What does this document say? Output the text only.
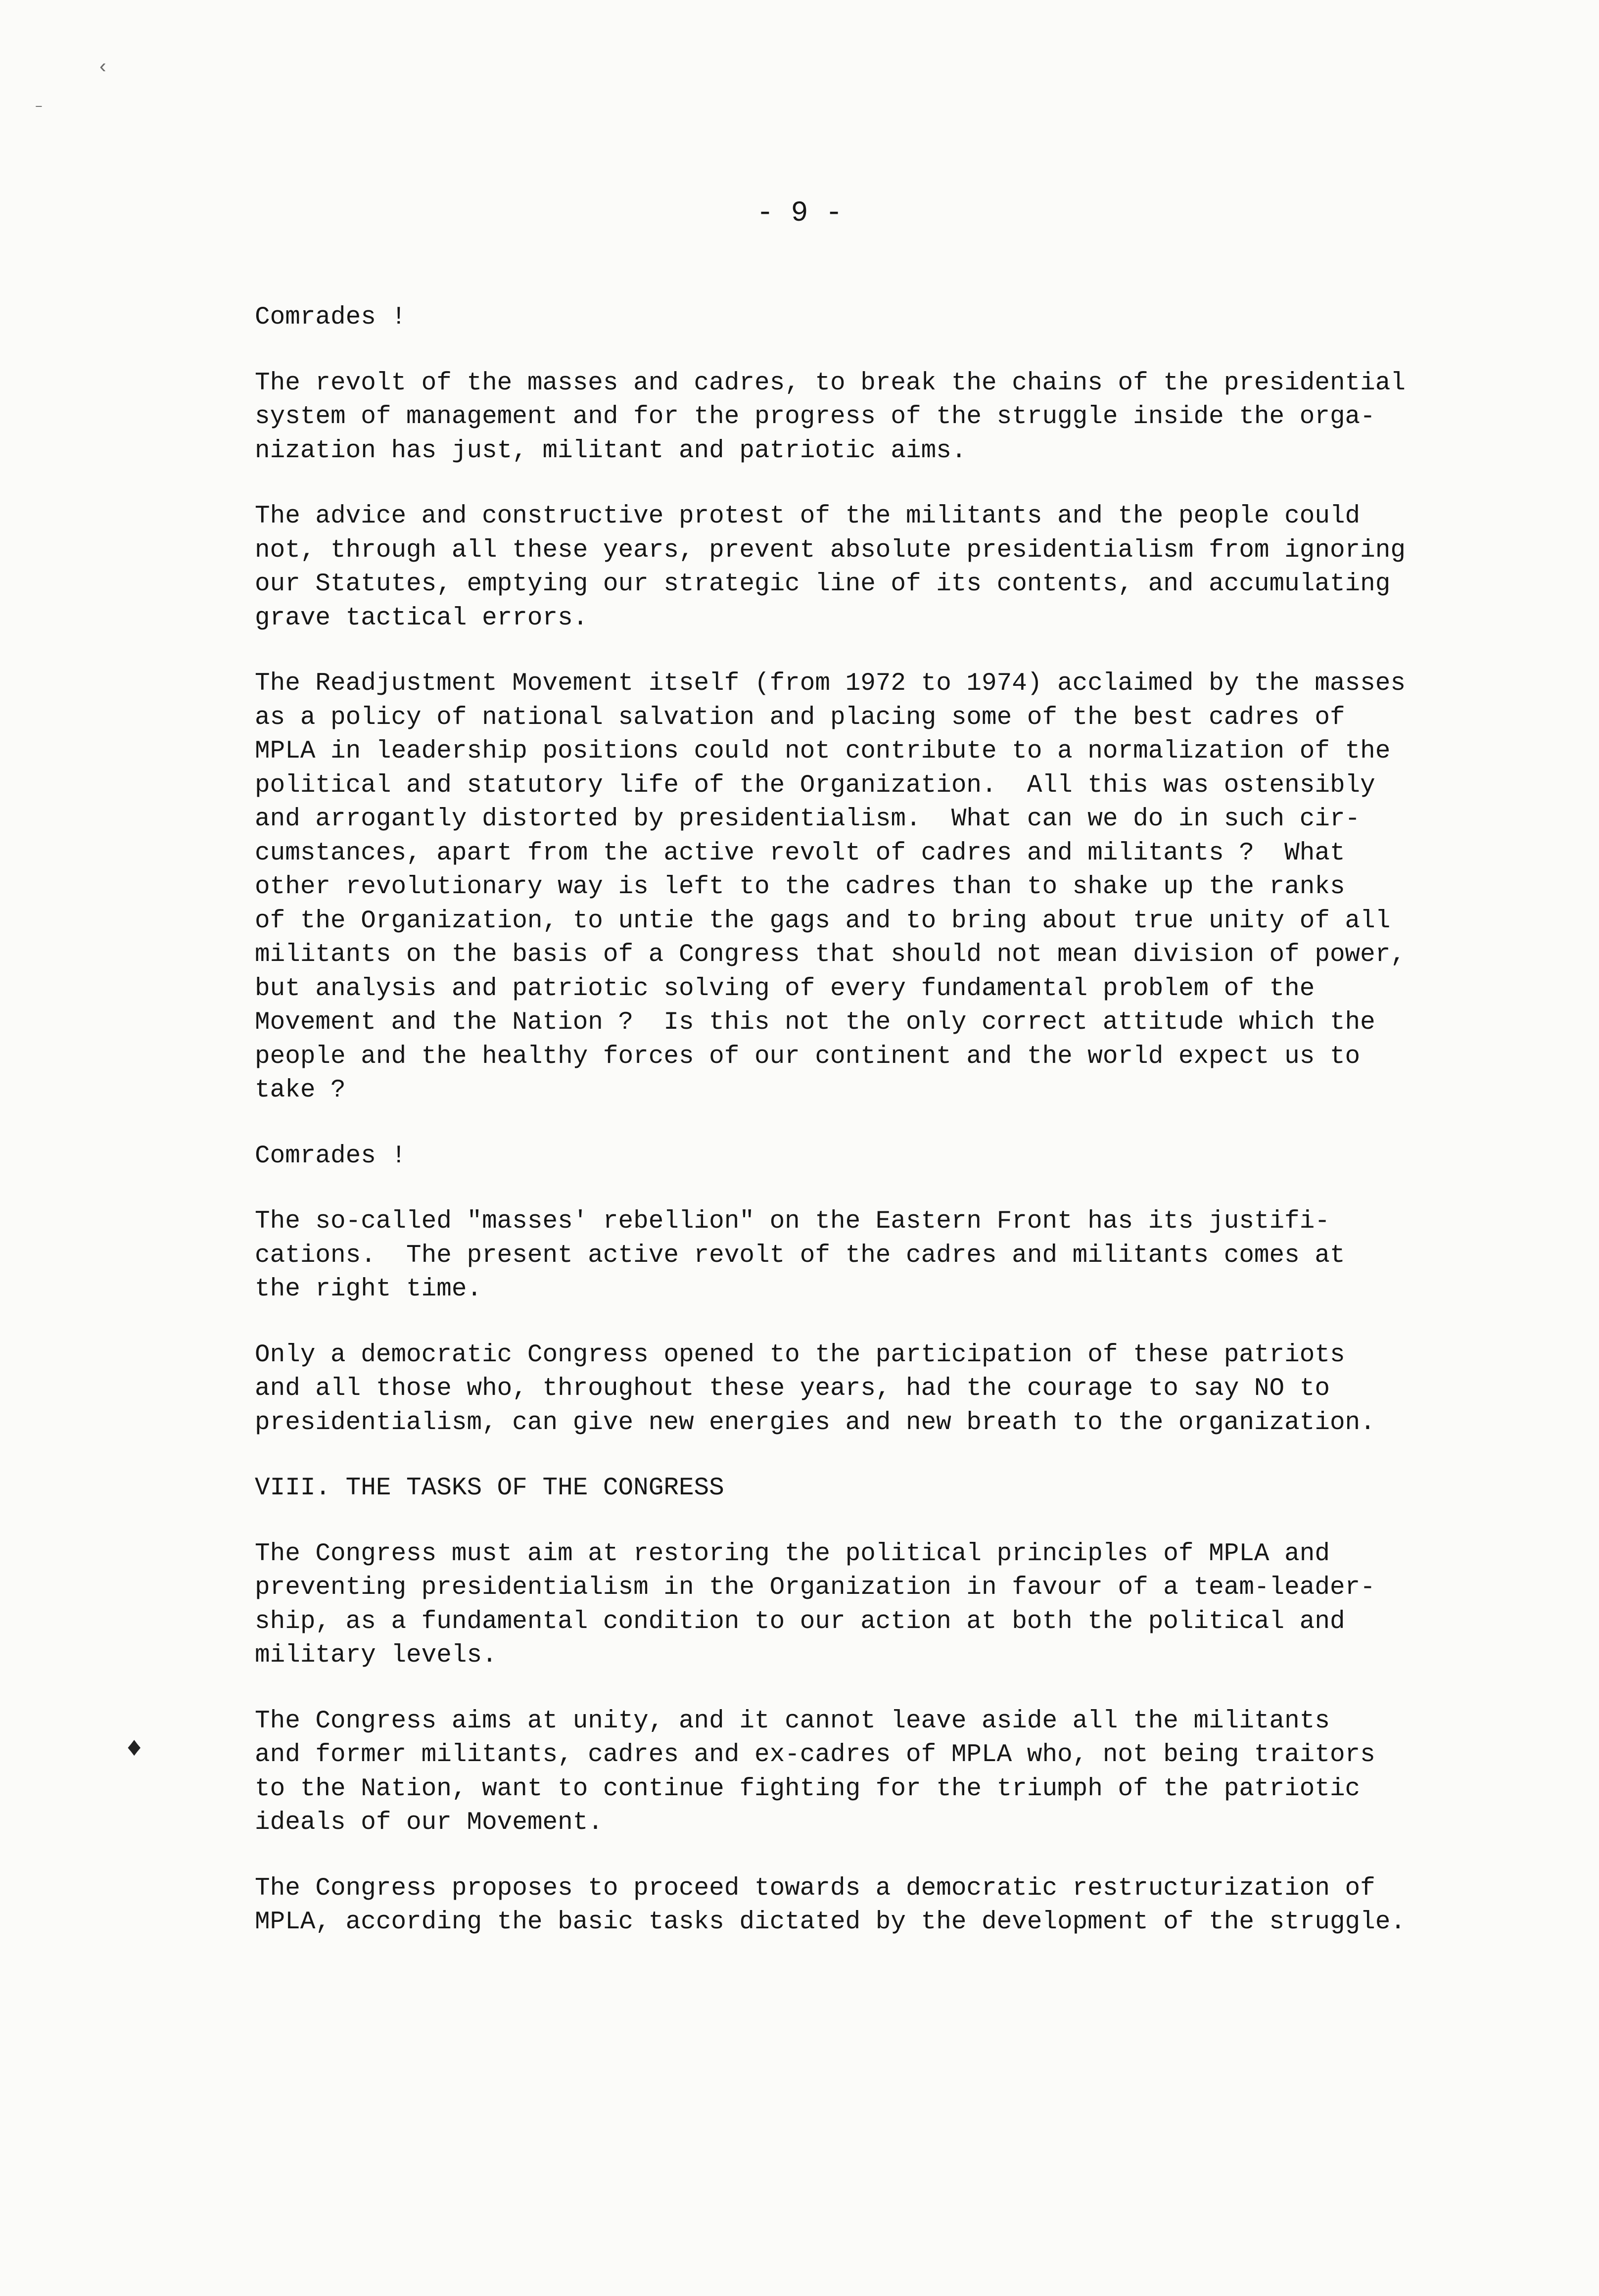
‹
–
♦

- 9 -

Comrades !

The revolt of the masses and cadres, to break the chains of the presidential
system of management and for the progress of the struggle inside the orga-
nization has just, militant and patriotic aims.

The advice and constructive protest of the militants and the people could
not, through all these years, prevent absolute presidentialism from ignoring
our Statutes, emptying our strategic line of its contents, and accumulating
grave tactical errors.

The Readjustment Movement itself (from 1972 to 1974) acclaimed by the masses
as a policy of national salvation and placing some of the best cadres of
MPLA in leadership positions could not contribute to a normalization of the
political and statutory life of the Organization.  All this was ostensibly
and arrogantly distorted by presidentialism.  What can we do in such cir-
cumstances, apart from the active revolt of cadres and militants ?  What
other revolutionary way is left to the cadres than to shake up the ranks
of the Organization, to untie the gags and to bring about true unity of all
militants on the basis of a Congress that should not mean division of power,
but analysis and patriotic solving of every fundamental problem of the
Movement and the Nation ?  Is this not the only correct attitude which the
people and the healthy forces of our continent and the world expect us to
take ?

Comrades !

The so-called "masses' rebellion" on the Eastern Front has its justifi-
cations.  The present active revolt of the cadres and militants comes at
the right time.

Only a democratic Congress opened to the participation of these patriots
and all those who, throughout these years, had the courage to say NO to
presidentialism, can give new energies and new breath to the organization.

VIII. THE TASKS OF THE CONGRESS

The Congress must aim at restoring the political principles of MPLA and
preventing presidentialism in the Organization in favour of a team-leader-
ship, as a fundamental condition to our action at both the political and
military levels.

The Congress aims at unity, and it cannot leave aside all the militants
and former militants, cadres and ex-cadres of MPLA who, not being traitors
to the Nation, want to continue fighting for the triumph of the patriotic
ideals of our Movement.

The Congress proposes to proceed towards a democratic restructurization of
MPLA, according the basic tasks dictated by the development of the struggle.
